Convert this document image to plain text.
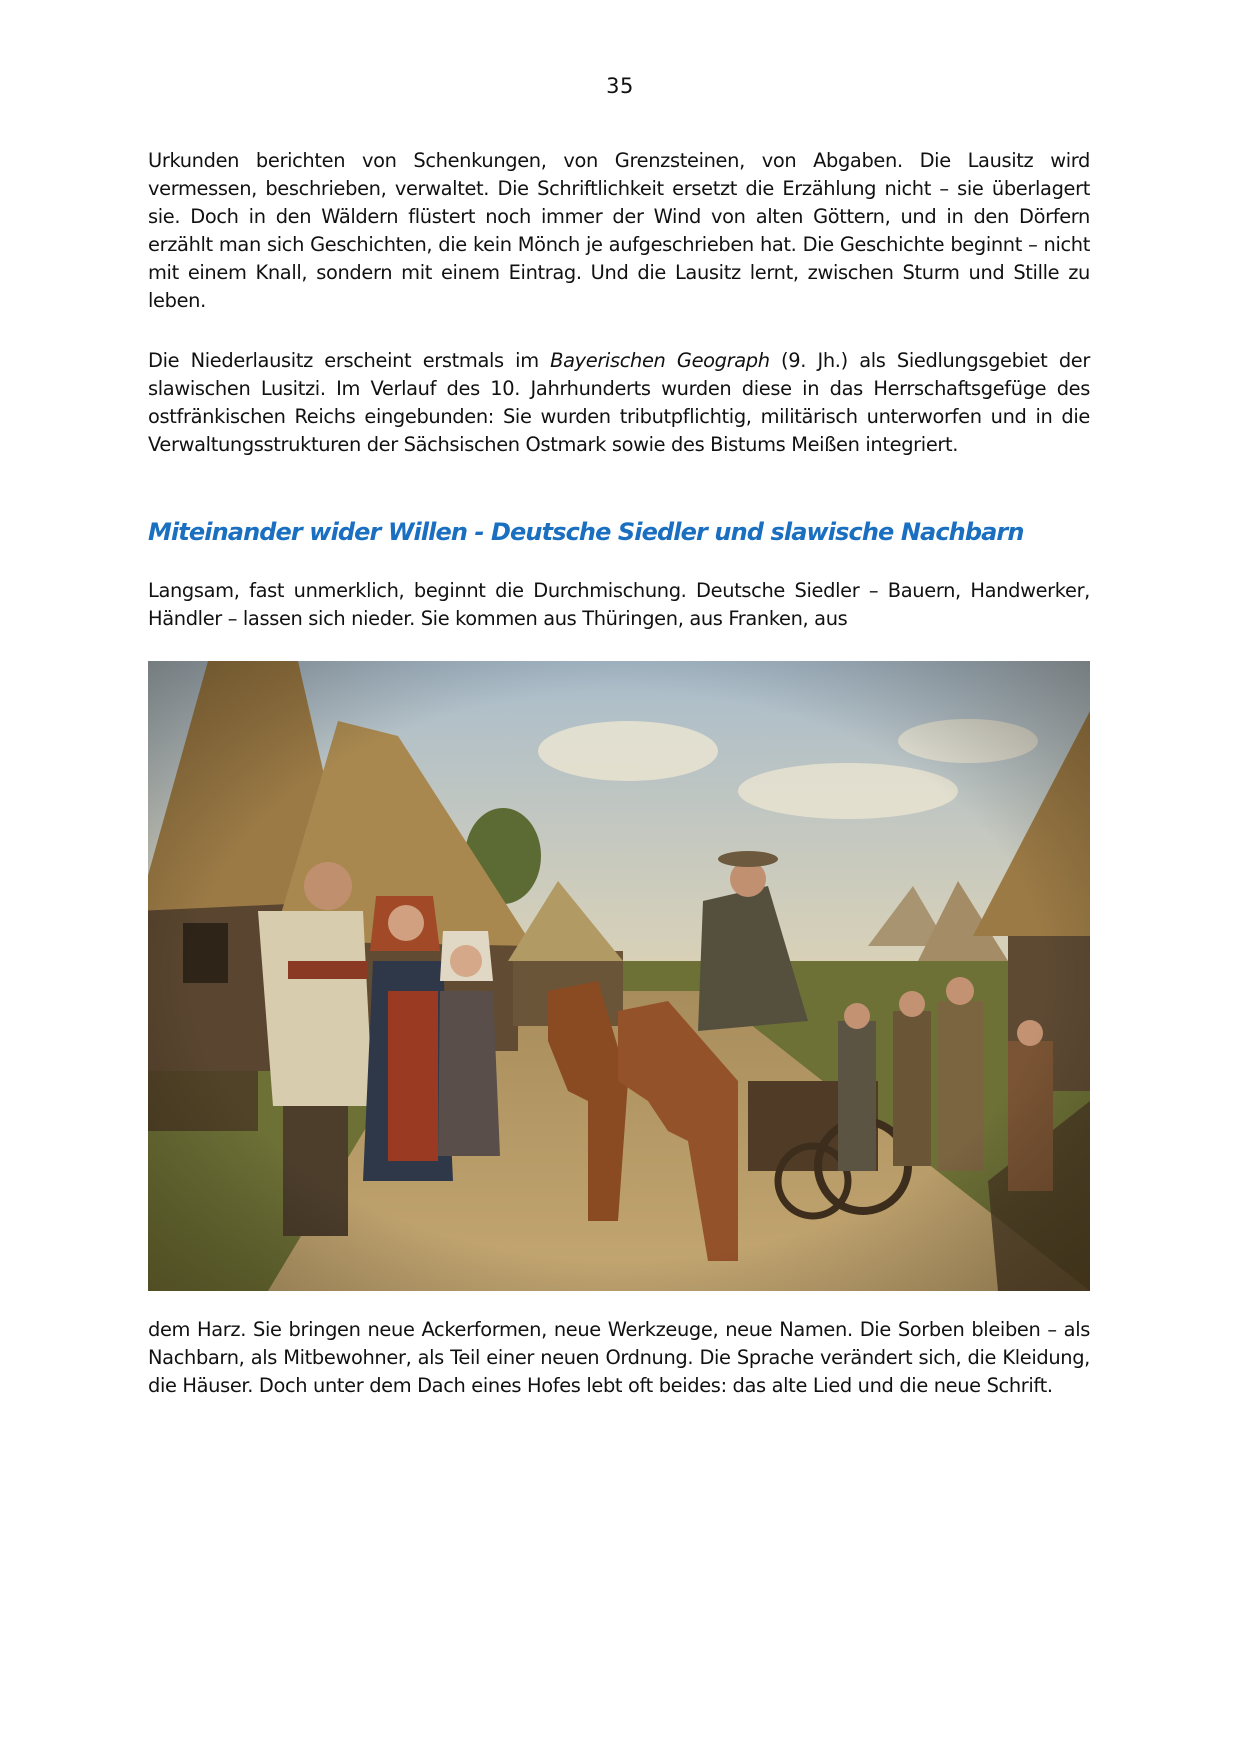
35

Urkunden berichten von Schenkungen, von Grenzsteinen, von Abgaben. Die Lausitz wird vermessen, beschrieben, verwaltet. Die Schriftlichkeit ersetzt die Erzählung nicht – sie überlagert sie. Doch in den Wäldern flüstert noch immer der Wind von alten Göttern, und in den Dörfern erzählt man sich Geschichten, die kein Mönch je aufgeschrieben hat. Die Geschichte beginnt – nicht mit einem Knall, sondern mit einem Eintrag. Und die Lausitz lernt, zwischen Sturm und Stille zu leben.

Die Niederlausitz erscheint erstmals im Bayerischen Geograph (9. Jh.) als Siedlungsgebiet der slawischen Lusitzi. Im Verlauf des 10. Jahrhunderts wurden diese in das Herrschaftsgefüge des ostfränkischen Reichs eingebunden: Sie wurden tributpflichtig, militärisch unterworfen und in die Verwaltungsstrukturen der Sächsischen Ostmark sowie des Bistums Meißen integriert.

Miteinander wider Willen - Deutsche Siedler und slawische Nachbarn

Langsam, fast unmerklich, beginnt die Durchmischung. Deutsche Siedler – Bauern, Handwerker, Händler – lassen sich nieder. Sie kommen aus Thüringen, aus Franken, aus

dem Harz. Sie bringen neue Ackerformen, neue Werkzeuge, neue Namen. Die Sorben bleiben – als Nachbarn, als Mitbewohner, als Teil einer neuen Ordnung. Die Sprache verändert sich, die Kleidung, die Häuser. Doch unter dem Dach eines Hofes lebt oft beides: das alte Lied und die neue Schrift.
